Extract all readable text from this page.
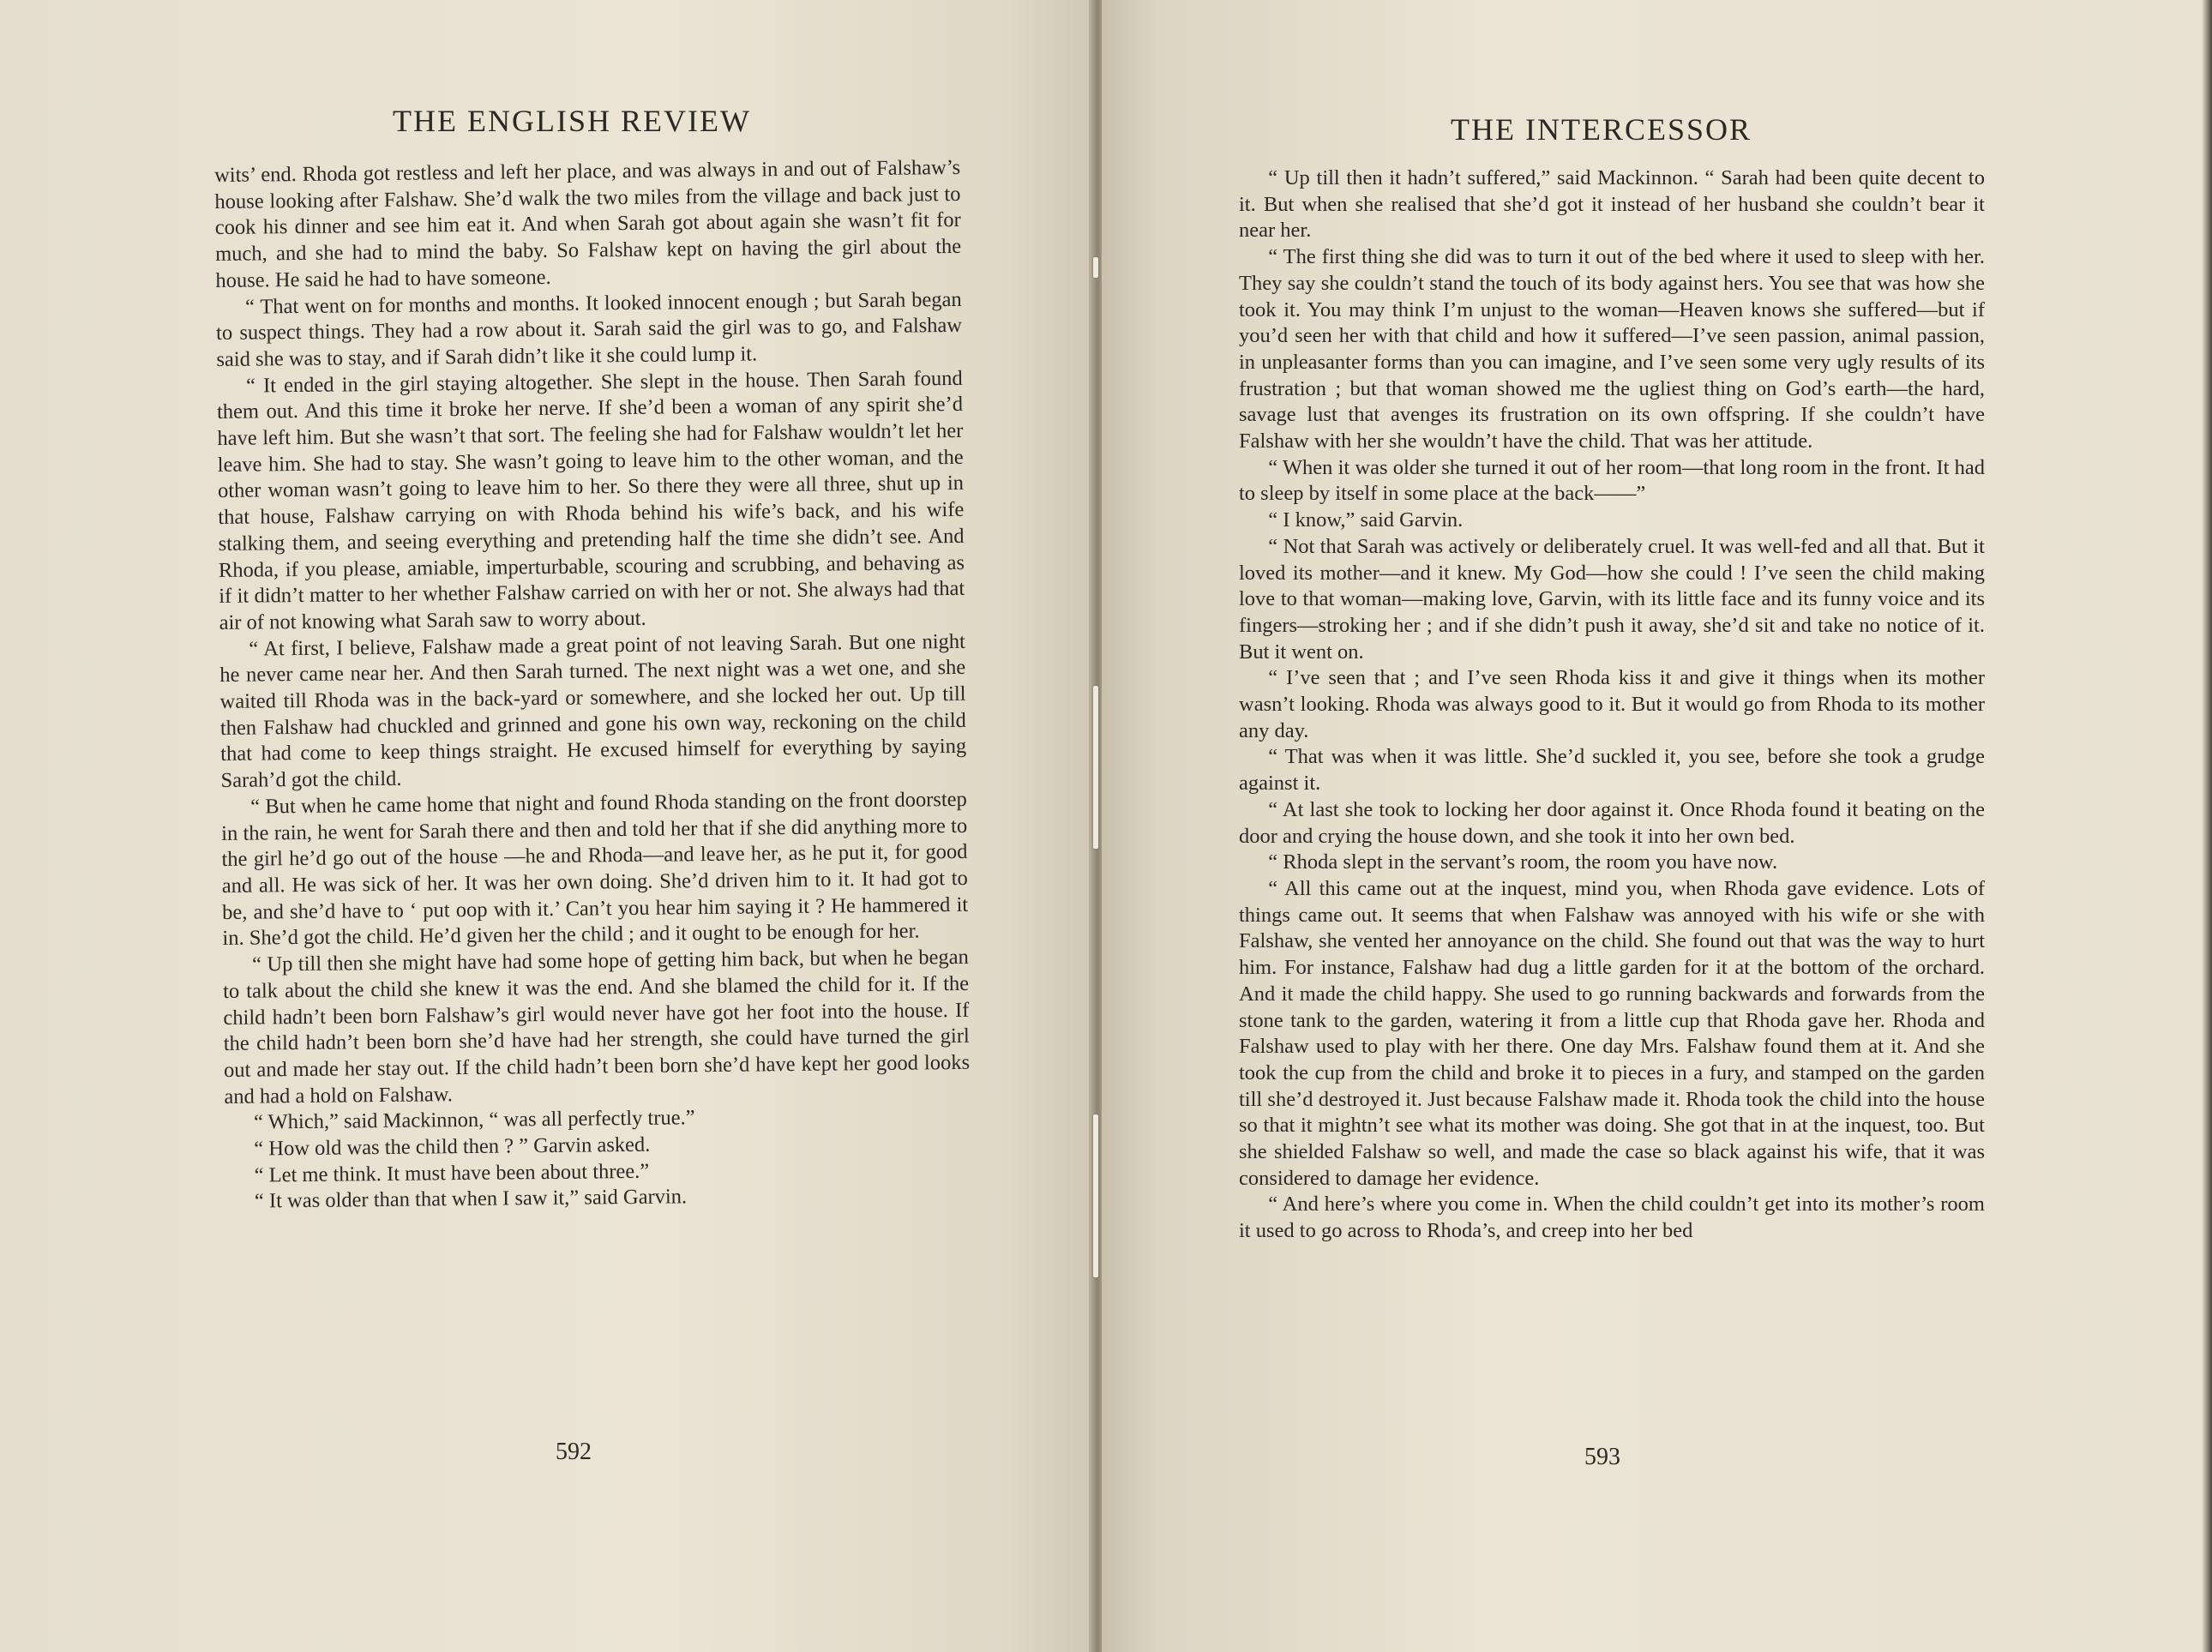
THE ENGLISH REVIEW

wits’ end. Rhoda got restless and left her place, and was always in and out of Falshaw’s house looking after Falshaw. She’d walk the two miles from the village and back just to cook his dinner and see him eat it. And when Sarah got about again she wasn’t fit for much, and she had to mind the baby. So Falshaw kept on having the girl about the house. He said he had to have someone.

“ That went on for months and months. It looked innocent enough ; but Sarah began to suspect things. They had a row about it. Sarah said the girl was to go, and Falshaw said she was to stay, and if Sarah didn’t like it she could lump it.

“ It ended in the girl staying altogether. She slept in the house. Then Sarah found them out. And this time it broke her nerve. If she’d been a woman of any spirit she’d have left him. But she wasn’t that sort. The feeling she had for Falshaw wouldn’t let her leave him. She had to stay. She wasn’t going to leave him to the other woman, and the other woman wasn’t going to leave him to her. So there they were all three, shut up in that house, Falshaw carrying on with Rhoda behind his wife’s back, and his wife stalking them, and seeing everything and pretending half the time she didn’t see. And Rhoda, if you please, amiable, imperturbable, scouring and scrubbing, and behaving as if it didn’t matter to her whether Falshaw carried on with her or not. She always had that air of not knowing what Sarah saw to worry about.

“ At first, I believe, Falshaw made a great point of not leaving Sarah. But one night he never came near her. And then Sarah turned. The next night was a wet one, and she waited till Rhoda was in the back-yard or somewhere, and she locked her out. Up till then Falshaw had chuckled and grinned and gone his own way, reckoning on the child that had come to keep things straight. He excused himself for everything by saying Sarah’d got the child.

“ But when he came home that night and found Rhoda standing on the front doorstep in the rain, he went for Sarah there and then and told her that if she did anything more to the girl he’d go out of the house —he and Rhoda—and leave her, as he put it, for good and all. He was sick of her. It was her own doing. She’d driven him to it. It had got to be, and she’d have to ‘ put oop with it.’ Can’t you hear him saying it ? He hammered it in. She’d got the child. He’d given her the child ; and it ought to be enough for her.

“ Up till then she might have had some hope of getting him back, but when he began to talk about the child she knew it was the end. And she blamed the child for it. If the child hadn’t been born Falshaw’s girl would never have got her foot into the house. If the child hadn’t been born she’d have had her strength, she could have turned the girl out and made her stay out. If the child hadn’t been born she’d have kept her good looks and had a hold on Falshaw.

“ Which,” said Mackinnon, “ was all perfectly true.”

“ How old was the child then ? ” Garvin asked.

“ Let me think. It must have been about three.”

“ It was older than that when I saw it,” said Garvin.

592
THE INTERCESSOR

“ Up till then it hadn’t suffered,” said Mackinnon. “ Sarah had been quite decent to it. But when she realised that she’d got it instead of her husband she couldn’t bear it near her.

“ The first thing she did was to turn it out of the bed where it used to sleep with her. They say she couldn’t stand the touch of its body against hers. You see that was how she took it. You may think I’m unjust to the woman—Heaven knows she suffered—but if you’d seen her with that child and how it suffered—I’ve seen passion, animal passion, in unpleasanter forms than you can imagine, and I’ve seen some very ugly results of its frustration ; but that woman showed me the ugliest thing on God’s earth—the hard, savage lust that avenges its frustration on its own offspring. If she couldn’t have Falshaw with her she wouldn’t have the child. That was her attitude.

“ When it was older she turned it out of her room—that long room in the front. It had to sleep by itself in some place at the back——”

“ I know,” said Garvin.

“ Not that Sarah was actively or deliberately cruel. It was well-fed and all that. But it loved its mother—and it knew. My God—how she could ! I’ve seen the child making love to that woman—making love, Garvin, with its little face and its funny voice and its fingers—stroking her ; and if she didn’t push it away, she’d sit and take no notice of it. But it went on.

“ I’ve seen that ; and I’ve seen Rhoda kiss it and give it things when its mother wasn’t looking. Rhoda was always good to it. But it would go from Rhoda to its mother any day.

“ That was when it was little. She’d suckled it, you see, before she took a grudge against it.

“ At last she took to locking her door against it. Once Rhoda found it beating on the door and crying the house down, and she took it into her own bed.

“ Rhoda slept in the servant’s room, the room you have now.

“ All this came out at the inquest, mind you, when Rhoda gave evidence. Lots of things came out. It seems that when Falshaw was annoyed with his wife or she with Falshaw, she vented her annoyance on the child. She found out that was the way to hurt him. For instance, Falshaw had dug a little garden for it at the bottom of the orchard. And it made the child happy. She used to go running backwards and forwards from the stone tank to the garden, watering it from a little cup that Rhoda gave her. Rhoda and Falshaw used to play with her there. One day Mrs. Falshaw found them at it. And she took the cup from the child and broke it to pieces in a fury, and stamped on the garden till she’d destroyed it. Just because Falshaw made it. Rhoda took the child into the house so that it mightn’t see what its mother was doing. She got that in at the inquest, too. But she shielded Falshaw so well, and made the case so black against his wife, that it was considered to damage her evidence.

“ And here’s where you come in. When the child couldn’t get into its mother’s room it used to go across to Rhoda’s, and creep into her bed

593
